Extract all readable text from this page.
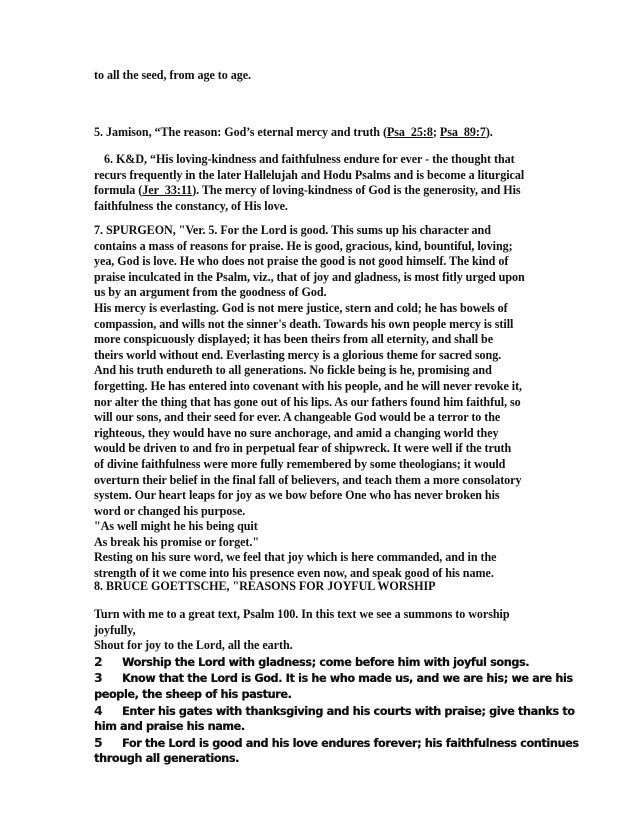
to all the seed, from age to age.
5. Jamison, “The reason: God’s eternal mercy and truth (Psa_25:8; Psa_89:7).
6. K&D, “His loving-kindness and faithfulness endure for ever - the thought that
recurs frequently in the later Hallelujah and Hodu Psalms and is become a liturgical
formula (Jer_33:11). The mercy of loving-kindness of God is the generosity, and His
faithfulness the constancy, of His love.
7. SPURGEON, "Ver. 5. For the Lord is good. This sums up his character and
contains a mass of reasons for praise. He is good, gracious, kind, bountiful, loving;
yea, God is love. He who does not praise the good is not good himself. The kind of
praise inculcated in the Psalm, viz., that of joy and gladness, is most fitly urged upon
us by an argument from the goodness of God.
His mercy is everlasting. God is not mere justice, stern and cold; he has bowels of
compassion, and wills not the sinner's death. Towards his own people mercy is still
more conspicuously displayed; it has been theirs from all eternity, and shall be
theirs world without end. Everlasting mercy is a glorious theme for sacred song.
And his truth endureth to all generations. No fickle being is he, promising and
forgetting. He has entered into covenant with his people, and he will never revoke it,
nor alter the thing that has gone out of his lips. As our fathers found him faithful, so
will our sons, and their seed for ever. A changeable God would be a terror to the
righteous, they would have no sure anchorage, and amid a changing world they
would be driven to and fro in perpetual fear of shipwreck. It were well if the truth
of divine faithfulness were more fully remembered by some theologians; it would
overturn their belief in the final fall of believers, and teach them a more consolatory
system. Our heart leaps for joy as we bow before One who has never broken his
word or changed his purpose.
"As well might he his being quit
As break his promise or forget."
Resting on his sure word, we feel that joy which is here commanded, and in the
strength of it we come into his presence even now, and speak good of his name.
8. BRUCE GOETTSCHE, "REASONS FOR JOYFUL WORSHIP
Turn with me to a great text, Psalm 100. In this text we see a summons to worship
joyfully,
Shout for joy to the Lord, all the earth.
2 Worship the Lord with gladness; come before him with joyful songs.
3 Know that the Lord is God. It is he who made us, and we are his; we are his
people, the sheep of his pasture.
4 Enter his gates with thanksgiving and his courts with praise; give thanks to
him and praise his name.
5 For the Lord is good and his love endures forever; his faithfulness continues
through all generations.
